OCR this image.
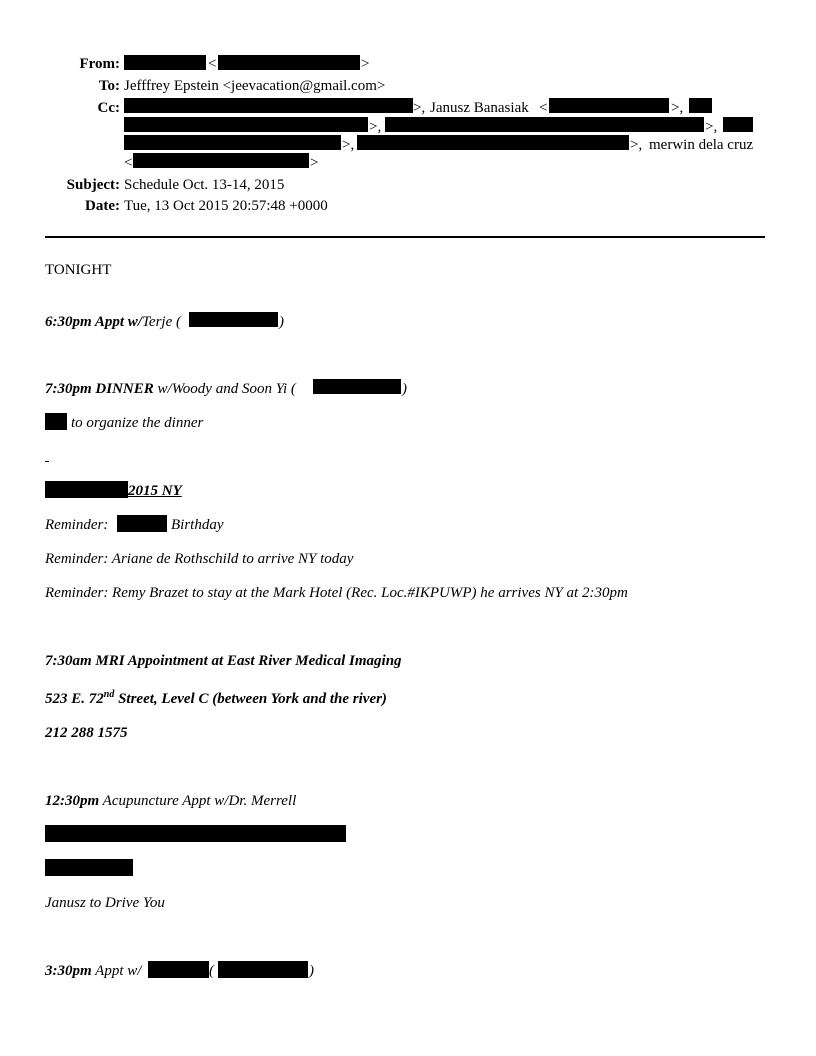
From:	<	>
To: Jefffrey Epstein <jeevacation@gmail.com>
Cc:	>, Janusz Banasiak <	>,
>,	>,
>,	>, merwin dela cruz
<	>
Subject: Schedule Oct. 13-14, 2015
Date: Tue, 13 Oct 2015 20:57:48 +0000
TONIGHT
6:30pm Appt w/Terje (	)
7:30pm DINNER w/Woody and Soon Yi (	)
to organize the dinner
2015 NY
Reminder:	Birthday
Reminder: Ariane de Rothschild to arrive NY today
Reminder: Remy Brazet to stay at the Mark Hotel (Rec. Loc.#IKPUWP) he arrives NY at 2:30pm
7:30am MRI Appointment at East River Medical Imaging
523 E. 72nd Street, Level C (between York and the river)
212 288 1575
12:30pm Acupuncture Appt w/Dr. Merrell
Janusz to Drive You
3:30pm Appt w/	(	)
